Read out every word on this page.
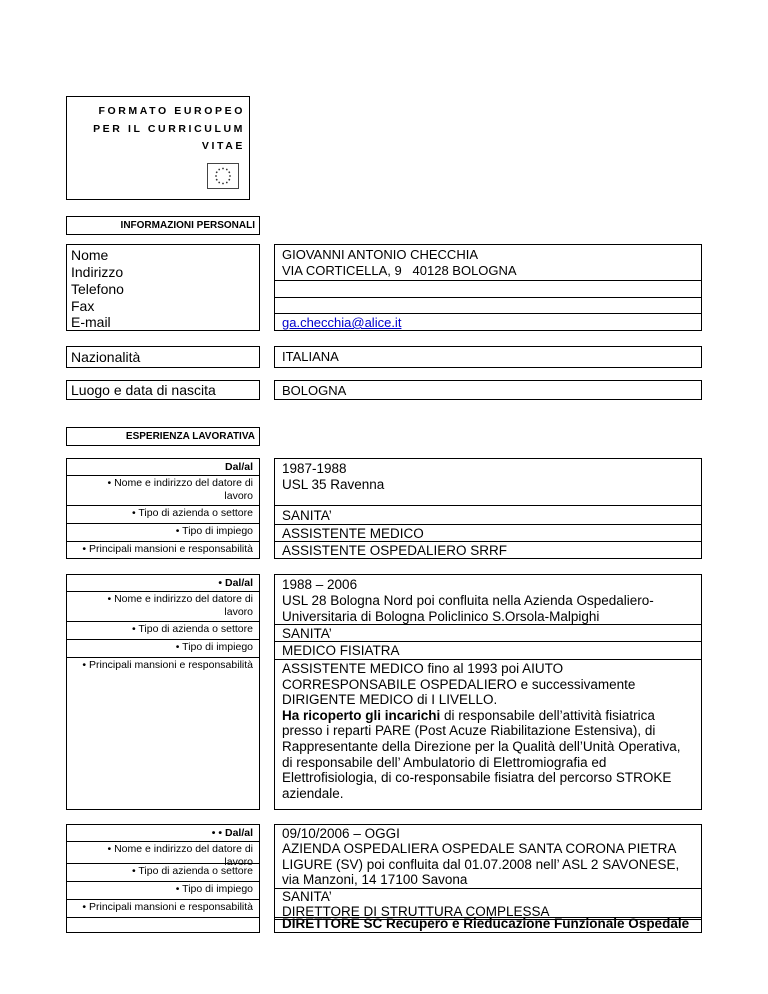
FORMATO EUROPEO
PER IL CURRICULUM
VITAE
INFORMAZIONI PERSONALI
Nome
Indirizzo
Telefono
Fax
E-mail
GIOVANNI ANTONIO CHECCHIA
VIA CORTICELLA, 9   40128 BOLOGNA
ga.checchia@alice.it
Nazionalità	ITALIANA
Luogo e data di nascita	BOLOGNA
ESPERIENZA LAVORATIVA
Dal/al
• Nome e indirizzo del datore di lavoro
• Tipo di azienda o settore
• Tipo di impiego
• Principali mansioni e responsabilità
1987-1988
USL 35 Ravenna
SANITA’
ASSISTENTE MEDICO
ASSISTENTE OSPEDALIERO SRRF
• Dal/al
• Nome e indirizzo del datore di lavoro
• Tipo di azienda o settore
• Tipo di impiego
• Principali mansioni e responsabilità
1988 – 2006
USL 28 Bologna Nord poi confluita nella Azienda Ospedaliero-Universitaria di Bologna Policlinico S.Orsola-Malpighi
SANITA’
MEDICO FISIATRA
ASSISTENTE MEDICO fino al 1993 poi AIUTO CORRESPONSABILE OSPEDALIERO e successivamente DIRIGENTE MEDICO di I LIVELLO.
Ha ricoperto gli incarichi di responsabile dell’attività fisiatrica presso i reparti PARE (Post Acuze Riabilitazione Estensiva), di Rappresentante della Direzione per la Qualità dell’Unità Operativa, di responsabile dell’ Ambulatorio di Elettromiografia ed Elettrofisiologia, di co-responsabile fisiatra del percorso STROKE aziendale.
• • Dal/al
• Nome e indirizzo del datore di lavoro
• Tipo di azienda o settore
• Tipo di impiego
• Principali mansioni e responsabilità
09/10/2006 – OGGI
AZIENDA OSPEDALIERA OSPEDALE SANTA CORONA PIETRA LIGURE (SV) poi confluita dal 01.07.2008 nell’ ASL 2 SAVONESE, via Manzoni, 14 17100 Savona
SANITA’
DIRETTORE DI STRUTTURA COMPLESSA
DIRETTORE SC Recupero e Rieducazione Funzionale Ospedale
